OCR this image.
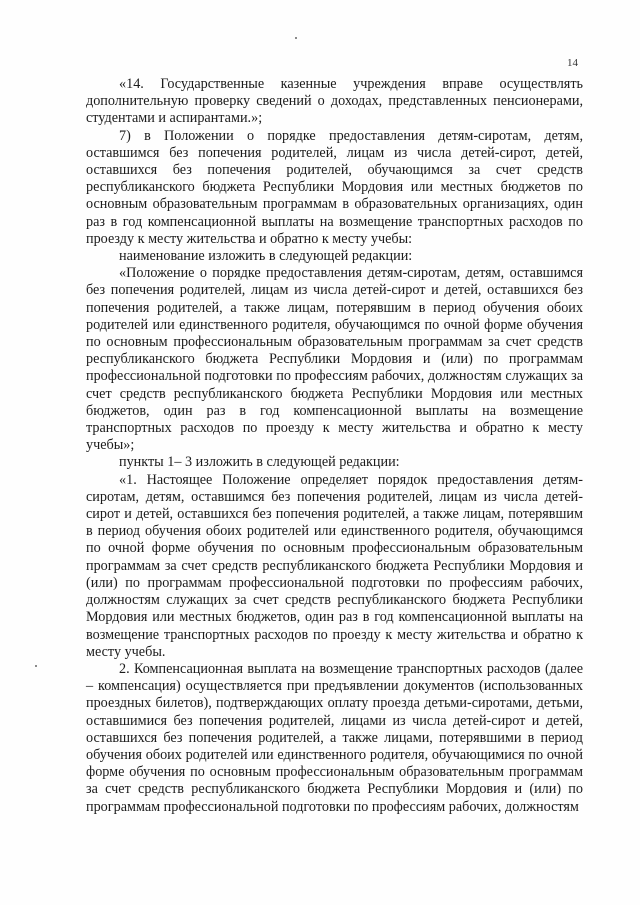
14

«14. Государственные казенные учреждения вправе осуществлять дополнительную проверку сведений о доходах, представленных пенсионерами, студентами и аспирантами.»;

7) в Положении о порядке предоставления детям-сиротам, детям, оставшимся без попечения родителей, лицам из числа детей-сирот, детей, оставшихся без попечения родителей, обучающимся за счет средств республиканского бюджета Республики Мордовия или местных бюджетов по основным образовательным программам в образовательных организациях, один раз в год компенсационной выплаты на возмещение транспортных расходов по проезду к месту жительства и обратно к месту учебы:

наименование изложить в следующей редакции:

«Положение о порядке предоставления детям-сиротам, детям, оставшимся без попечения родителей, лицам из числа детей-сирот и детей, оставшихся без попечения родителей, а также лицам, потерявшим в период обучения обоих родителей или единственного родителя, обучающимся по очной форме обучения по основным профессиональным образовательным программам за счет средств республиканского бюджета Республики Мордовия и (или) по программам профессиональной подготовки по профессиям рабочих, должностям служащих за счет средств республиканского бюджета Республики Мордовия или местных бюджетов, один раз в год компенсационной выплаты на возмещение транспортных расходов по проезду к месту жительства и обратно к месту учебы»;

пункты 1– 3 изложить в следующей редакции:

«1. Настоящее Положение определяет порядок предоставления детям-сиротам, детям, оставшимся без попечения родителей, лицам из числа детей-сирот и детей, оставшихся без попечения родителей, а также лицам, потерявшим в период обучения обоих родителей или единственного родителя, обучающимся по очной форме обучения по основным профессиональным образовательным программам за счет средств республиканского бюджета Республики Мордовия и (или) по программам профессиональной подготовки по профессиям рабочих, должностям служащих за счет средств республиканского бюджета Республики Мордовия или местных бюджетов, один раз в год компенсационной выплаты на возмещение транспортных расходов по проезду к месту жительства и обратно к месту учебы.

2. Компенсационная выплата на возмещение транспортных расходов (далее – компенсация) осуществляется при предъявлении документов (использованных проездных билетов), подтверждающих оплату проезда детьми-сиротами, детьми, оставшимися без попечения родителей, лицами из числа детей-сирот и детей, оставшихся без попечения родителей, а также лицами, потерявшими в период обучения обоих родителей или единственного родителя, обучающимися по очной форме обучения по основным профессиональным образовательным программам за счет средств республиканского бюджета Республики Мордовия и (или) по программам профессиональной подготовки по профессиям рабочих, должностям
